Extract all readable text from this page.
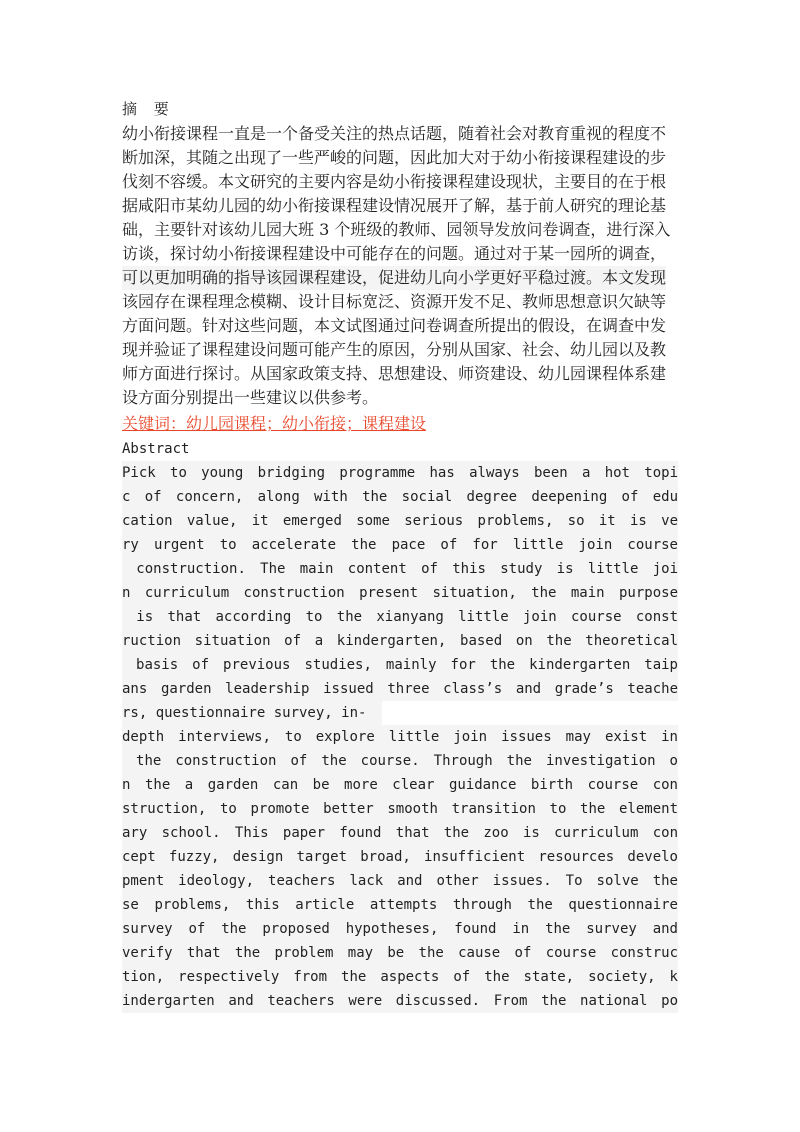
摘 要
幼小衔接课程一直是一个备受关注的热点话题，随着社会对教育重视的程度不
断加深，其随之出现了一些严峻的问题，因此加大对于幼小衔接课程建设的步
伐刻不容缓。本文研究的主要内容是幼小衔接课程建设现状，主要目的在于根
据咸阳市某幼儿园的幼小衔接课程建设情况展开了解，基于前人研究的理论基
础，主要针对该幼儿园大班 3 个班级的教师、园领导发放问卷调查，进行深入
访谈，探讨幼小衔接课程建设中可能存在的问题。通过对于某一园所的调查，
可以更加明确的指导该园课程建设，促进幼儿向小学更好平稳过渡。本文发现
该园存在课程理念模糊、设计目标宽泛、资源开发不足、教师思想意识欠缺等
方面问题。针对这些问题，本文试图通过问卷调查所提出的假设，在调查中发
现并验证了课程建设问题可能产生的原因，分别从国家、社会、幼儿园以及教
师方面进行探讨。从国家政策支持、思想建设、师资建设、幼儿园课程体系建
设方面分别提出一些建议以供参考。
关键词：幼儿园课程；幼小衔接；课程建设
Abstract
Pick to young bridging programme has always been a hot topi
c of concern, along with the social degree deepening of edu
cation value, it emerged some serious problems, so it is ve
ry urgent to accelerate the pace of for little join course
construction. The main content of this study is little joi
n curriculum construction present situation, the main purpose
is that according to the xianyang little join course const
ruction situation of a kindergarten, based on the theoretical
basis of previous studies, mainly for the kindergarten taip
ans garden leadership issued three class’s and grade’s teache
rs, questionnaire survey, in-
depth interviews, to explore little join issues may exist in
the construction of the course. Through the investigation o
n the a garden can be more clear guidance birth course con
struction, to promote better smooth transition to the element
ary school. This paper found that the zoo is curriculum con
cept fuzzy, design target broad, insufficient resources develo
pment ideology, teachers lack and other issues. To solve the
se problems, this article attempts through the questionnaire
survey of the proposed hypotheses, found in the survey and
verify that the problem may be the cause of course construc
tion, respectively from the aspects of the state, society, k
indergarten and teachers were discussed. From the national po
